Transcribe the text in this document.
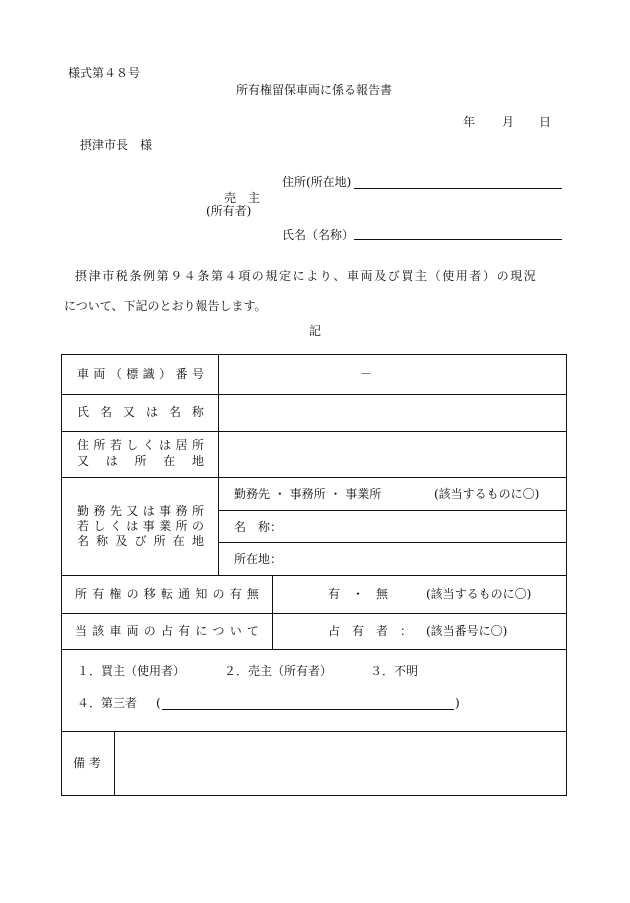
様式第４８号
所有権留保車両に係る報告書
年 月 日
摂津市長　様
住所(所在地)
売　主
(所有者)
氏名（名称）
摂津市税条例第９４条第４項の規定により、車両及び買主（使用者）の現況
について、下記のとおり報告します。
記
車 両 （ 標 識 ） 番 号	－
氏 名 又 は 名 称
住 所 若 し く は 居 所
又 は 所 在 地
勤 務 先 又 は 事 務 所
若 し く は 事 業 所 の
名 称 及 び 所 在 地
勤務先 ・ 事務所 ・ 事業所	(該当するものに〇)
名　称：
所在地：
所 有 権 の 移 転 通 知 の 有 無	有　・　無	(該当するものに〇)
当 該 車 両 の 占 有 に つ い て	占　有　者　： (該当番号に〇)
１．買主（使用者）	２．売主（所有者）	３．不明
４．第三者 (	)
備 考
